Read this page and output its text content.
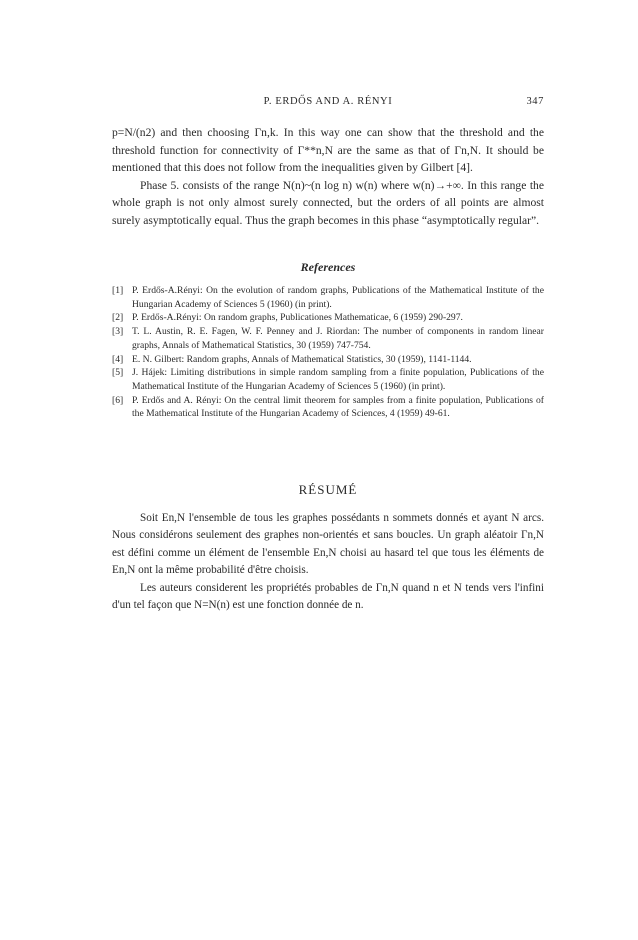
P. ERDŐS AND A. RÉNYI	347

p=N/(n2) and then choosing Γn,k. In this way one can show that the threshold and the threshold function for connectivity of Γ**n,N are the same as that of Γn,N. It should be mentioned that this does not follow from the inequalities given by Gilbert [4].

Phase 5. consists of the range N(n)~(n log n) w(n) where w(n)→+∞. In this range the whole graph is not only almost surely connected, but the orders of all points are almost surely asymptotically equal. Thus the graph becomes in this phase “asymptotically regular”.

References
[1] P. Erdős-A.Rényi: On the evolution of random graphs, Publications of the Mathematical Institute of the Hungarian Academy of Sciences 5 (1960) (in print).
[2] P. Erdős-A.Rényi: On random graphs, Publicationes Mathematicae, 6 (1959) 290-297.
[3] T. L. Austin, R. E. Fagen, W. F. Penney and J. Riordan: The number of components in random linear graphs, Annals of Mathematical Statistics, 30 (1959) 747-754.
[4] E. N. Gilbert: Random graphs, Annals of Mathematical Statistics, 30 (1959), 1141-1144.
[5] J. Hájek: Limiting distributions in simple random sampling from a finite population, Publications of the Mathematical Institute of the Hungarian Academy of Sciences 5 (1960) (in print).
[6] P. Erdős and A. Rényi: On the central limit theorem for samples from a finite population, Publications of the Mathematical Institute of the Hungarian Academy of Sciences, 4 (1959) 49-61.
RÉSUMÉ

Soit En,N l'ensemble de tous les graphes possédants n sommets donnés et ayant N arcs. Nous considérons seulement des graphes non-orientés et sans boucles. Un graph aléatoir Γn,N est défini comme un élément de l'ensemble En,N choisi au hasard tel que tous les éléments de En,N ont la même probabilité d'être choisis.

Les auteurs considerent les propriétés probables de Γn,N quand n et N tends vers l'infini d'un tel façon que N=N(n) est une fonction donnée de n.
